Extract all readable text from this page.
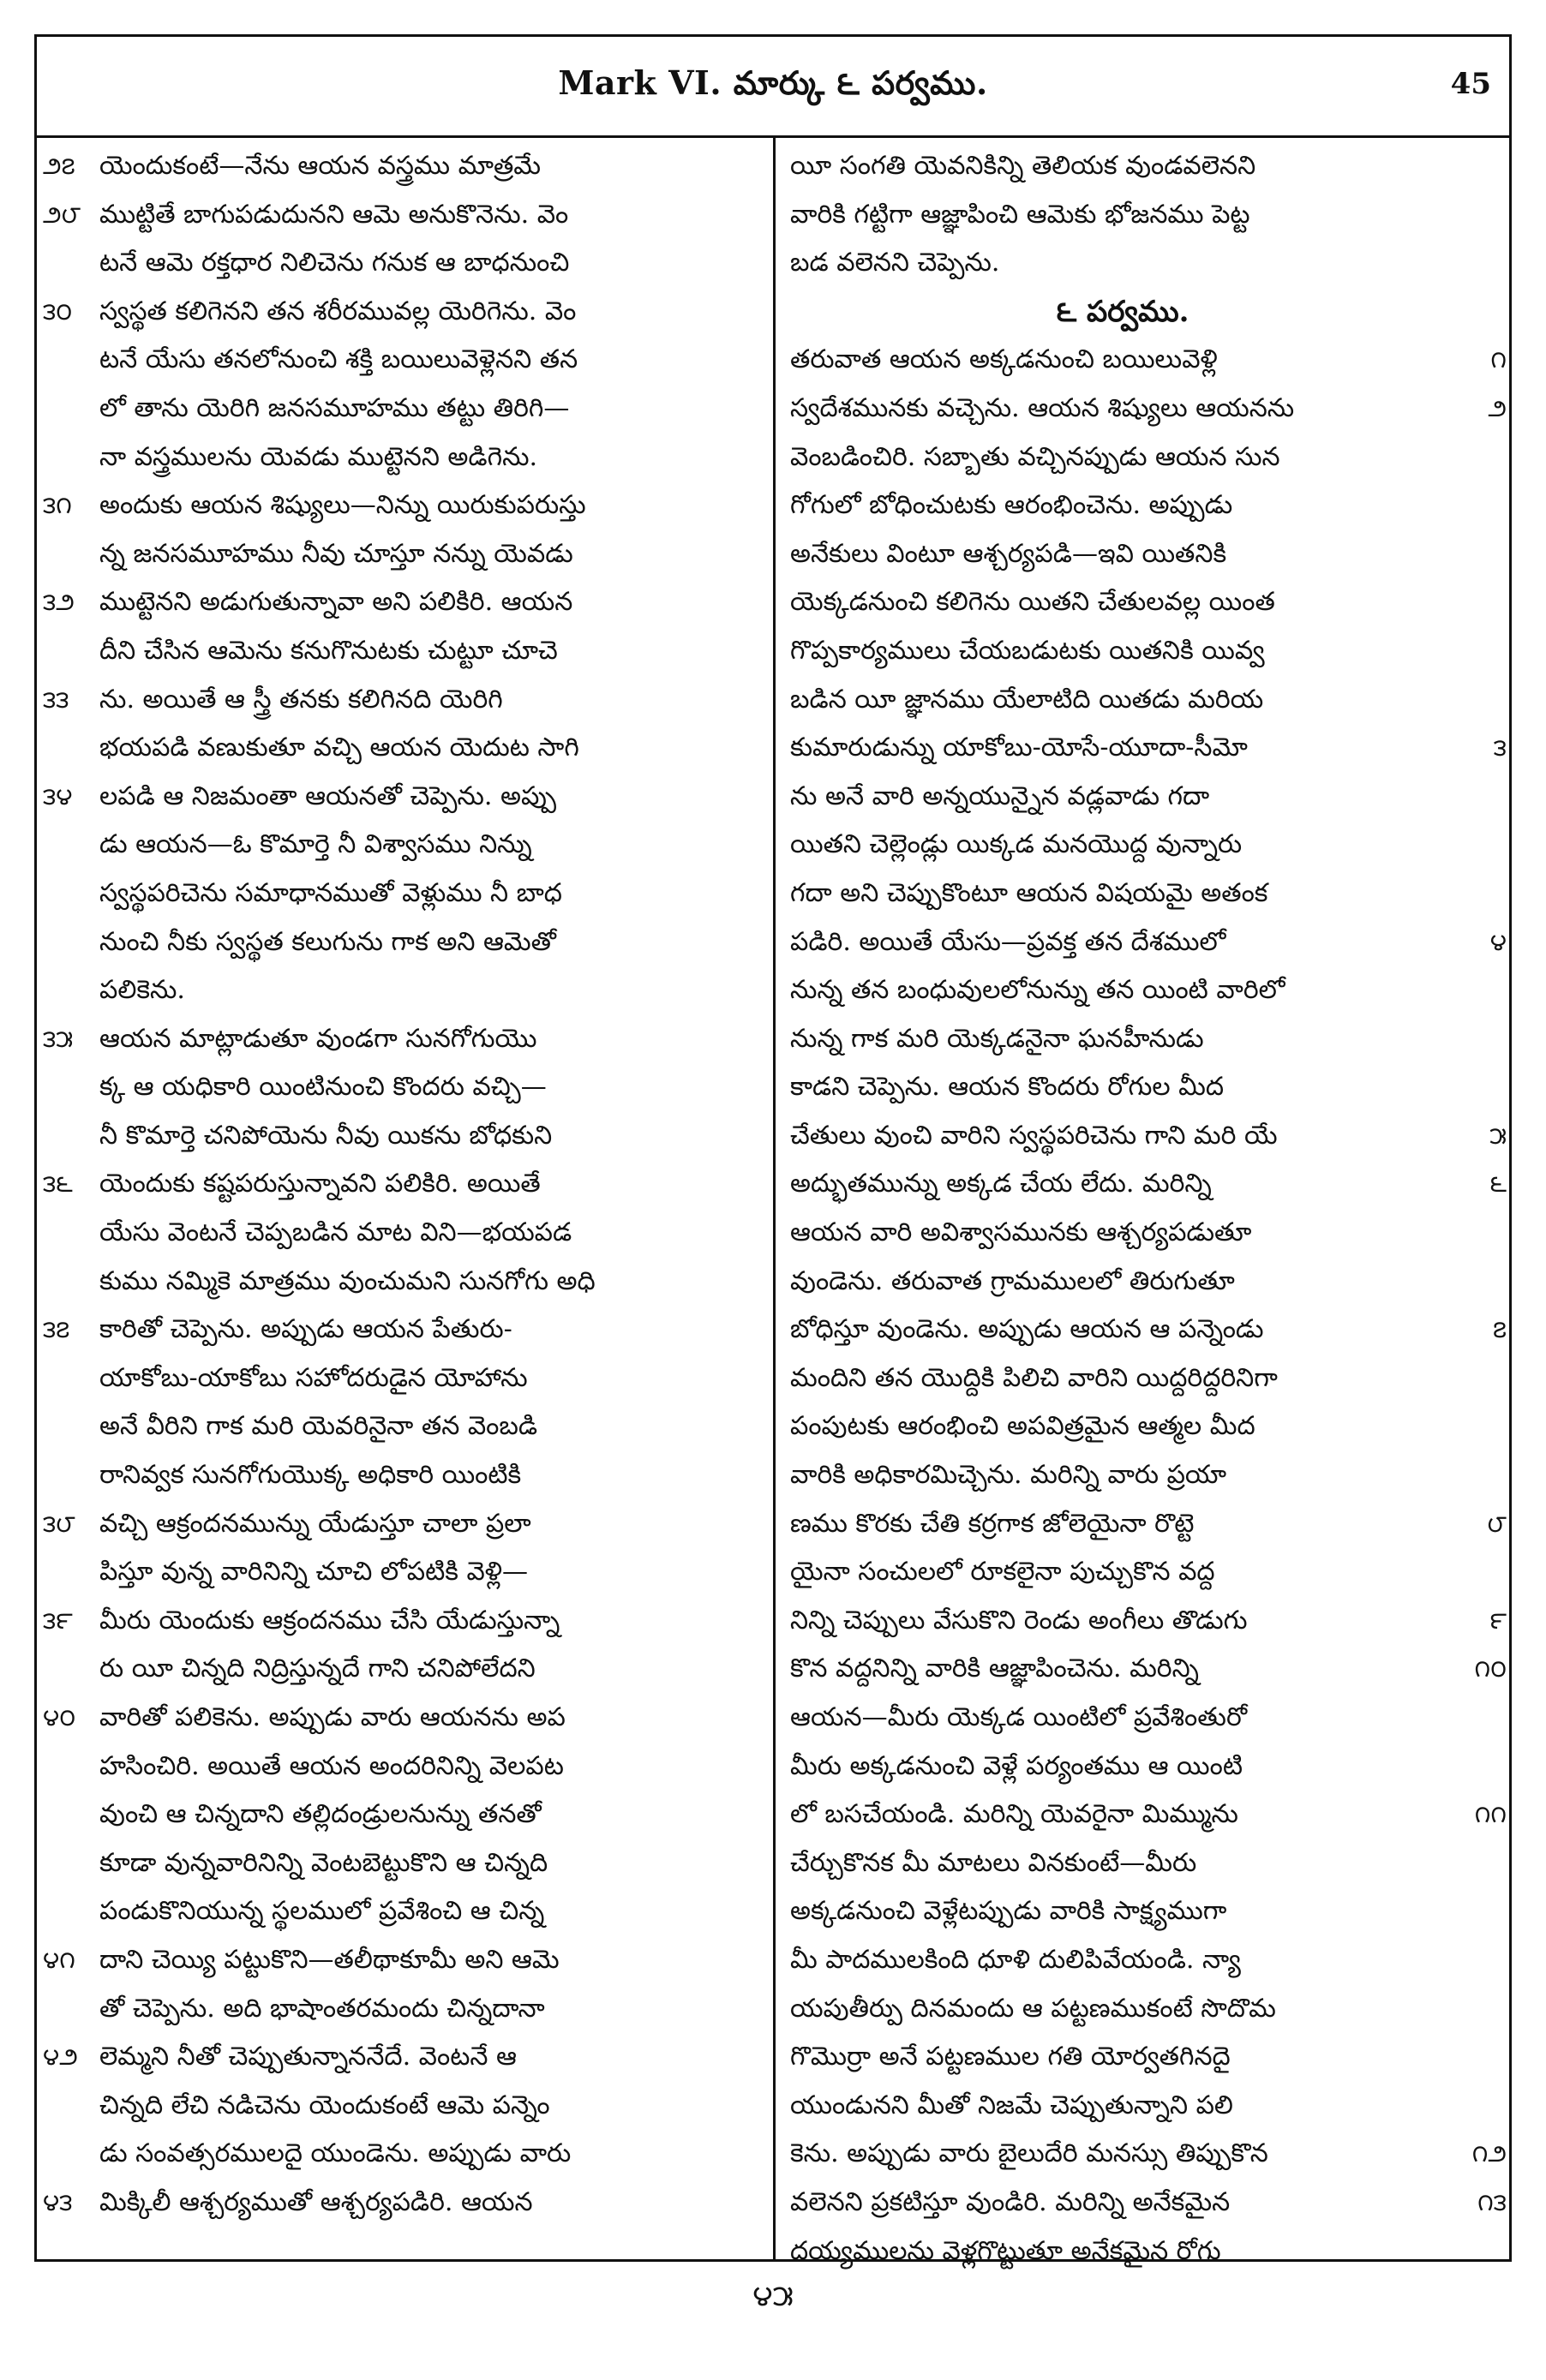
Mark VI. మార్కు ౬ పర్వము.	45
౨౭ యెందుకంటే—నేను ఆయన వస్త్రము మాత్రమే
౨౮ ముట్టితే బాగుపడుదునని ఆమె అనుకొనెను. వెం
టనే ఆమె రక్తధార నిలిచెను గనుక ఆ బాధనుంచి
౩౦	స్వస్థత కలిగెనని తన శరీరమువల్ల యెరిగెను. వెం
టనే యేసు తనలోనుంచి శక్తి బయిలువెళ్లెనని తన
లో తాను యెరిగి జనసమూహము తట్టు తిరిగి—
నా వస్త్రములను యెవడు ముట్టెనని అడిగెను.
౩౧	అందుకు ఆయన శిష్యులు—నిన్ను యిరుకుపరుస్తు
న్న జనసమూహము నీవు చూస్తూ నన్ను యెవడు
౩౨ ముట్టెనని అడుగుతున్నావా అని పలికిరి. ఆయన
దీని చేసిన ఆమెను కనుగొనుటకు చుట్టూ చూచె
౩౩	ను. అయితే ఆ స్త్రీ తనకు కలిగినది యెరిగి
భయపడి వణుకుతూ వచ్చి ఆయన యెదుట సాగి
౩౪	లపడి ఆ నిజమంతా ఆయనతో చెప్పెను. అప్పు
డు ఆయన—ఓ కొమార్తె నీ విశ్వాసము నిన్ను
స్వస్థపరిచెను సమాధానముతో వెళ్లుము నీ బాధ
నుంచి నీకు స్వస్థత కలుగును గాక అని ఆమెతో
పలికెను.
౩౫	ఆయన మాట్లాడుతూ వుండగా సునగోగుయొ
క్క ఆ యధికారి యింటినుంచి కొందరు వచ్చి—
నీ కొమార్తె చనిపోయెను నీవు యికను బోధకుని
౩౬	యెందుకు కష్టపరుస్తున్నావని పలికిరి. అయితే
యేసు వెంటనే చెప్పబడిన మాట విని—భయపడ
కుము నమ్మికె మాత్రము వుంచుమని సునగోగు అధి
౩౭	కారితో చెప్పెను. అప్పుడు ఆయన పేతురు-
యాకోబు-యాకోబు సహోదరుడైన యోహాను
అనే వీరిని గాక మరి యెవరినైనా తన వెంబడి
రానివ్వక సునగోగుయొక్క అధికారి యింటికి
౩౮ వచ్చి ఆక్రందనమున్ను యేడుస్తూ చాలా ప్రలా
పిస్తూ వున్న వారినిన్ని చూచి లోపటికి వెళ్లి—
౩౯	మీరు యెందుకు ఆక్రందనము చేసి యేడుస్తున్నా
రు యీ చిన్నది నిద్రిస్తున్నదే గాని చనిపోలేదని
౪౦ వారితో పలికెను. అప్పుడు వారు ఆయనను అప
హసించిరి. అయితే ఆయన అందరినిన్ని వెలపట
వుంచి ఆ చిన్నదాని తల్లిదండ్రులనున్ను తనతో
కూడా వున్నవారినిన్ని వెంటబెట్టుకొని ఆ చిన్నది
పండుకొనియున్న స్థలములో ప్రవేశించి ఆ చిన్న
౪౧ దాని చెయ్యి పట్టుకొని—తలీథాకూమీ అని ఆమె
తో చెప్పెను. అది భాషాంతరమందు చిన్నదానా
౪౨ లెమ్మని నీతో చెప్పుతున్నాననేదే. వెంటనే ఆ
చిన్నది లేచి నడిచెను యెందుకంటే ఆమె పన్నెం
డు సంవత్సరములదై యుండెను. అప్పుడు వారు
౪౩	మిక్కిలీ ఆశ్చర్యముతో ఆశ్చర్యపడిరి. ఆయన
యీ సంగతి యెవనికిన్ని తెలియక వుండవలెనని
వారికి గట్టిగా ఆజ్ఞాపించి ఆమెకు భోజనము పెట్ట
బడ వలెనని చెప్పెను.
౬ పర్వము.
౧
తరువాత ఆయన అక్కడనుంచి బయిలువెళ్లి
౨
స్వదేశమునకు వచ్చెను. ఆయన శిష్యులు ఆయనను
వెంబడించిరి. సబ్బాతు వచ్చినప్పుడు ఆయన సున
గోగులో బోధించుటకు ఆరంభించెను. అప్పుడు
అనేకులు వింటూ ఆశ్చర్యపడి—ఇవి యితనికి
యెక్కడనుంచి కలిగెను యితని చేతులవల్ల యింత
గొప్పకార్యములు చేయబడుటకు యితనికి యివ్వ
బడిన యీ జ్ఞానము యేలాటిది యితడు మరియ
౩
కుమారుడున్ను యాకోబు-యోసే-యూదా-సీమో
ను అనే వారి అన్నయున్నైన వడ్లవాడు గదా
యితని చెల్లెండ్లు యిక్కడ మనయొద్ద వున్నారు
గదా అని చెప్పుకొంటూ ఆయన విషయమై అతంక
౪
పడిరి. అయితే యేసు—ప్రవక్త తన దేశములో
నున్న తన బంధువులలోనున్ను తన యింటి వారిలో
నున్న గాక మరి యెక్కడనైనా ఘనహీనుడు
కాడని చెప్పెను. ఆయన కొందరు రోగుల మీద
౫
చేతులు వుంచి వారిని స్వస్థపరిచెను గాని మరి యే
౬
అద్భుతమున్ను అక్కడ చేయ లేదు. మరిన్ని
ఆయన వారి అవిశ్వాసమునకు ఆశ్చర్యపడుతూ
వుండెను. తరువాత గ్రామములలో తిరుగుతూ
౭
బోధిస్తూ వుండెను. అప్పుడు ఆయన ఆ పన్నెండు
మందిని తన యొద్దికి పిలిచి వారిని యిద్దరిద్దరినిగా
పంపుటకు ఆరంభించి అపవిత్రమైన ఆత్మల మీద
వారికి అధికారమిచ్చెను. మరిన్ని వారు ప్రయా
౮
ణము కొరకు చేతి కర్రగాక జోలెయైనా రొట్టె
యైనా సంచులలో రూకలైనా పుచ్చుకొన వద్ద
౯
నిన్ని చెప్పులు వేసుకొని రెండు అంగీలు తొడుగు
౧౦
కొన వద్దనిన్ని వారికి ఆజ్ఞాపించెను. మరిన్ని
ఆయన—మీరు యెక్కడ యింటిలో ప్రవేశింతురో
మీరు అక్కడనుంచి వెళ్లే పర్యంతము ఆ యింటి
౧౧
లో బసచేయండి. మరిన్ని యెవరైనా మిమ్మును
చేర్చుకొనక మీ మాటలు వినకుంటే—మీరు
అక్కడనుంచి వెళ్లేటప్పుడు వారికి సాక్ష్యముగా
మీ పాదములకింది ధూళి దులిపివేయండి. న్యా
యపుతీర్పు దినమందు ఆ పట్టణముకంటే సొదొమ
గొమొర్రా అనే పట్టణముల గతి యోర్వతగినదై
యుండునని మీతో నిజమే చెప్పుతున్నాని పలి
౧౨
కెను. అప్పుడు వారు బైలుదేరి మనస్సు తిప్పుకొన
౧౩
వలెనని ప్రకటిస్తూ వుండిరి. మరిన్ని అనేకమైన
దయ్యములను వెళ్లగొట్టుతూ అనేకమైన రోగు
౪౫
